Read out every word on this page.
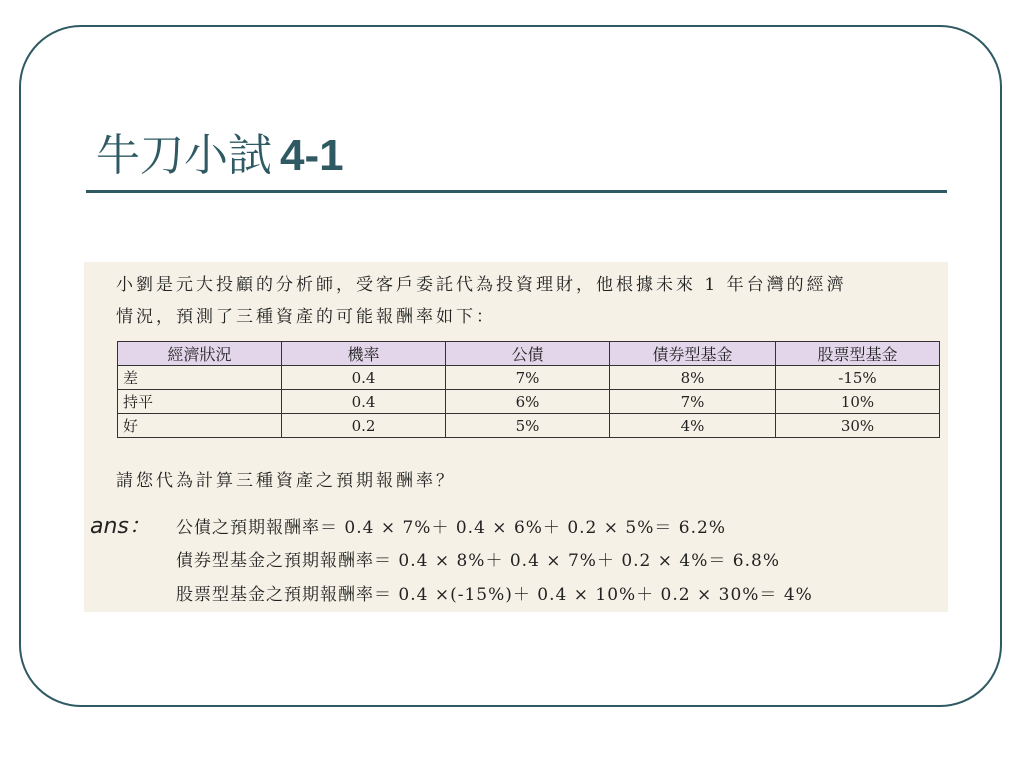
牛刀小試 4-1
小劉是元大投顧的分析師，受客戶委託代為投資理財，他根據未來 1 年台灣的經濟
情況，預測了三種資產的可能報酬率如下：
經濟狀況	機率	公債	債券型基金	股票型基金
差	0.4	7%	8%	-15%
持平	0.4	6%	7%	10%
好	0.2	5%	4%	30%
請您代為計算三種資產之預期報酬率？
ans： 公債之預期報酬率＝ 0.4 × 7%＋ 0.4 × 6%＋ 0.2 × 5%＝ 6.2%
債券型基金之預期報酬率＝ 0.4 × 8%＋ 0.4 × 7%＋ 0.2 × 4%＝ 6.8%
股票型基金之預期報酬率＝ 0.4 ×(-15%)＋ 0.4 × 10%＋ 0.2 × 30%＝ 4%
